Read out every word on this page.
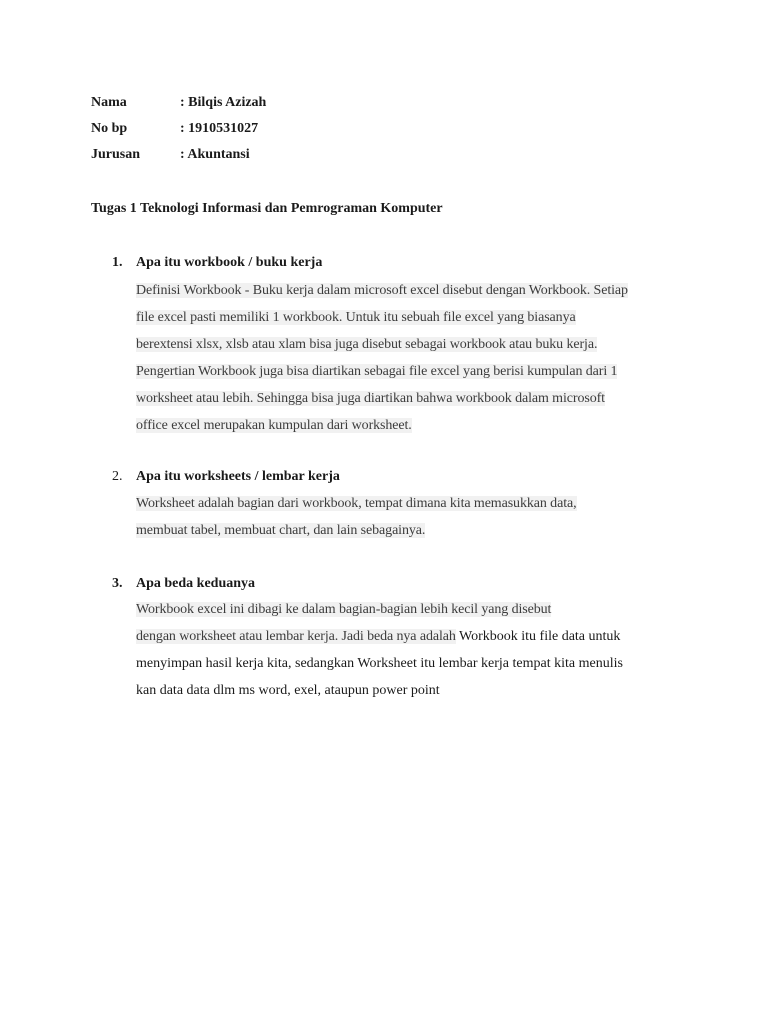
Nama	: Bilqis Azizah
No bp	: 1910531027
Jurusan	: Akuntansi
Tugas 1 Teknologi Informasi dan Pemrograman Komputer
1. Apa itu workbook / buku kerja
Definisi Workbook - Buku kerja dalam microsoft excel disebut dengan Workbook. Setiap
file excel pasti memiliki 1 workbook. Untuk itu sebuah file excel yang biasanya
berextensi xlsx, xlsb atau xlam bisa juga disebut sebagai workbook atau buku kerja.
Pengertian Workbook juga bisa diartikan sebagai file excel yang berisi kumpulan dari 1
worksheet atau lebih. Sehingga bisa juga diartikan bahwa workbook dalam microsoft
office excel merupakan kumpulan dari worksheet.
2. Apa itu worksheets / lembar kerja
Worksheet adalah bagian dari workbook, tempat dimana kita memasukkan data,
membuat tabel, membuat chart, dan lain sebagainya.
3. Apa beda keduanya
Workbook excel ini dibagi ke dalam bagian-bagian lebih kecil yang disebut
dengan worksheet atau lembar kerja. Jadi beda nya adalah Workbook itu file data untuk
menyimpan hasil kerja kita, sedangkan Worksheet itu lembar kerja tempat kita menulis
kan data data dlm ms word, exel, ataupun power point
